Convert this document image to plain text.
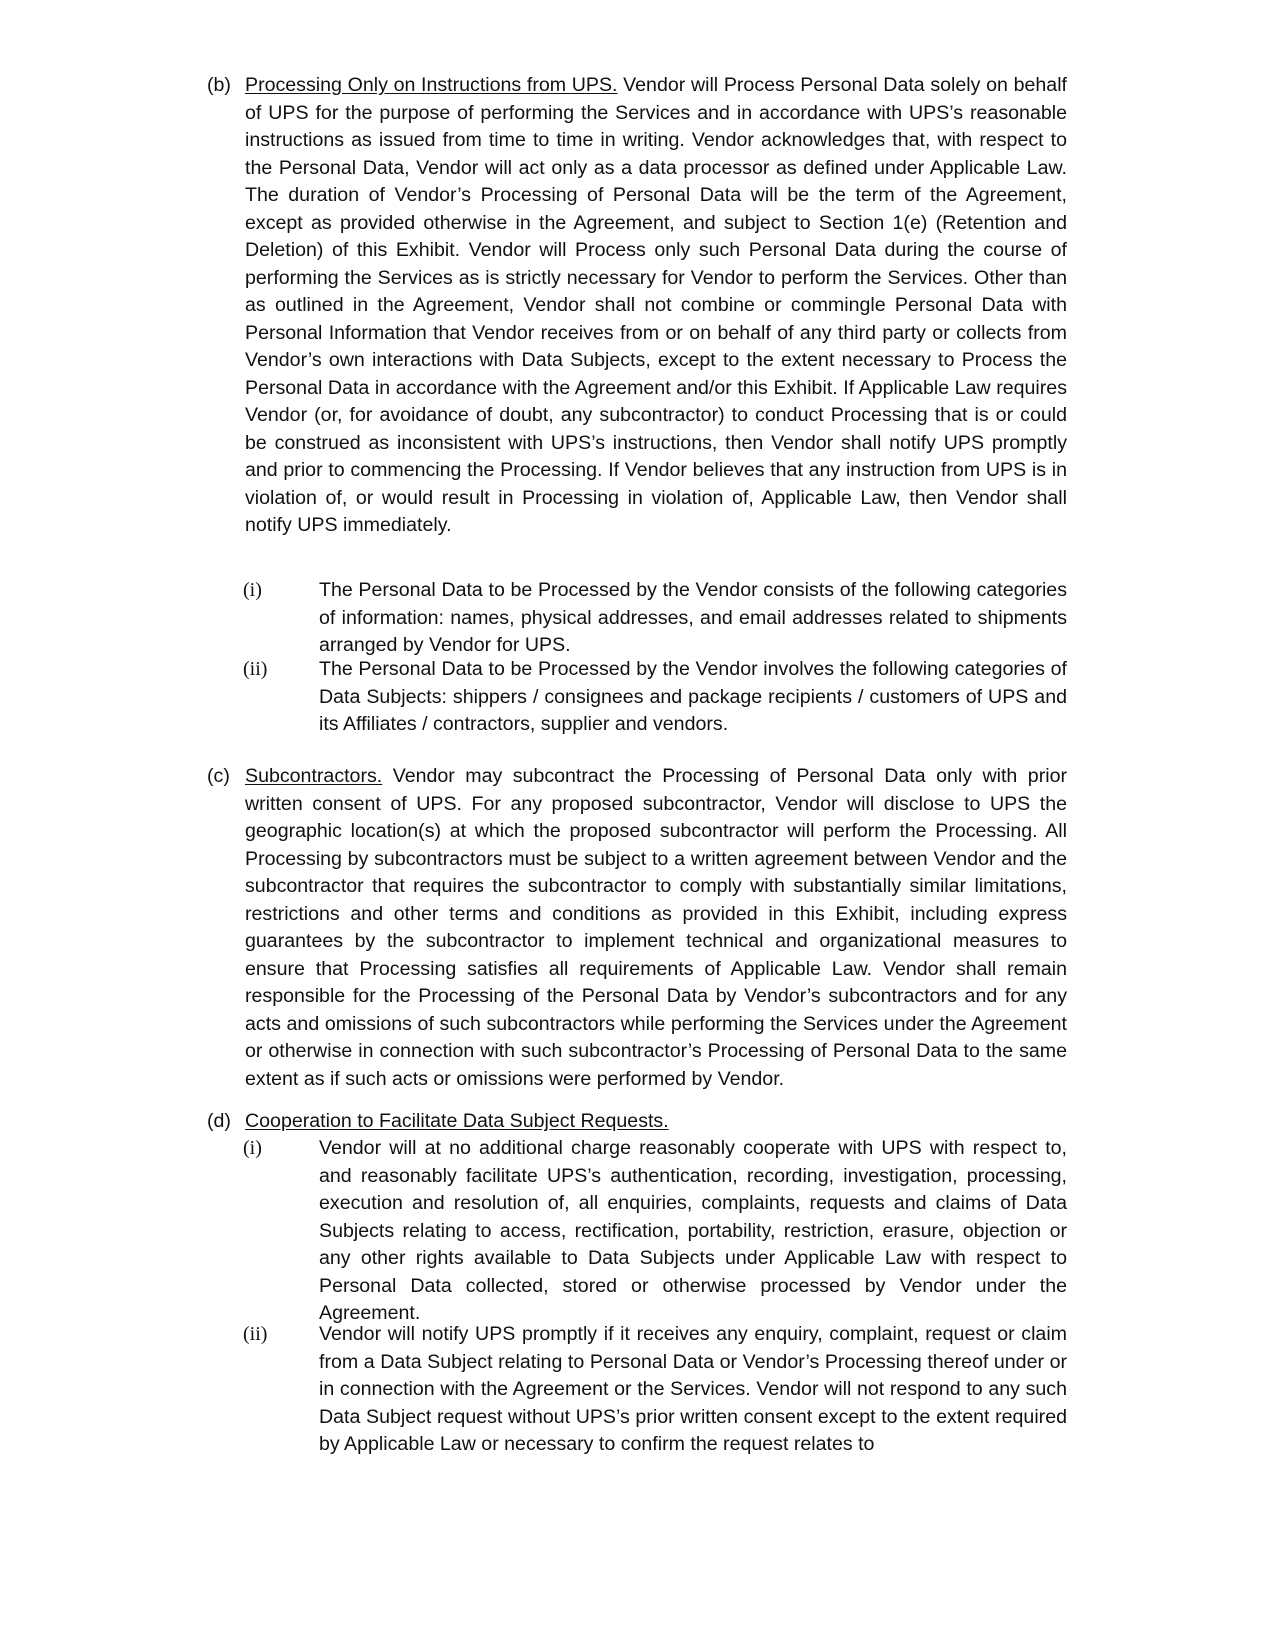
(b) Processing Only on Instructions from UPS. Vendor will Process Personal Data solely on behalf of UPS for the purpose of performing the Services and in accordance with UPS’s reasonable instructions as issued from time to time in writing. Vendor acknowledges that, with respect to the Personal Data, Vendor will act only as a data processor as defined under Applicable Law. The duration of Vendor’s Processing of Personal Data will be the term of the Agreement, except as provided otherwise in the Agreement, and subject to Section 1(e) (Retention and Deletion) of this Exhibit. Vendor will Process only such Personal Data during the course of performing the Services as is strictly necessary for Vendor to perform the Services. Other than as outlined in the Agreement, Vendor shall not combine or commingle Personal Data with Personal Information that Vendor receives from or on behalf of any third party or collects from Vendor’s own interactions with Data Subjects, except to the extent necessary to Process the Personal Data in accordance with the Agreement and/or this Exhibit. If Applicable Law requires Vendor (or, for avoidance of doubt, any subcontractor) to conduct Processing that is or could be construed as inconsistent with UPS’s instructions, then Vendor shall notify UPS promptly and prior to commencing the Processing. If Vendor believes that any instruction from UPS is in violation of, or would result in Processing in violation of, Applicable Law, then Vendor shall notify UPS immediately.

(i)	The Personal Data to be Processed by the Vendor consists of the following categories of information: names, physical addresses, and email addresses related to shipments arranged by Vendor for UPS.

(ii)	The Personal Data to be Processed by the Vendor involves the following categories of Data Subjects: shippers / consignees and package recipients / customers of UPS and its Affiliates / contractors, supplier and vendors.

(c) Subcontractors. Vendor may subcontract the Processing of Personal Data only with prior written consent of UPS. For any proposed subcontractor, Vendor will disclose to UPS the geographic location(s) at which the proposed subcontractor will perform the Processing. All Processing by subcontractors must be subject to a written agreement between Vendor and the subcontractor that requires the subcontractor to comply with substantially similar limitations, restrictions and other terms and conditions as provided in this Exhibit, including express guarantees by the subcontractor to implement technical and organizational measures to ensure that Processing satisfies all requirements of Applicable Law. Vendor shall remain responsible for the Processing of the Personal Data by Vendor’s subcontractors and for any acts and omissions of such subcontractors while performing the Services under the Agreement or otherwise in connection with such subcontractor’s Processing of Personal Data to the same extent as if such acts or omissions were performed by Vendor.

(d) Cooperation to Facilitate Data Subject Requests.

(i)	Vendor will at no additional charge reasonably cooperate with UPS with respect to, and reasonably facilitate UPS’s authentication, recording, investigation, processing, execution and resolution of, all enquiries, complaints, requests and claims of Data Subjects relating to access, rectification, portability, restriction, erasure, objection or any other rights available to Data Subjects under Applicable Law with respect to Personal Data collected, stored or otherwise processed by Vendor under the Agreement.

(ii)	Vendor will notify UPS promptly if it receives any enquiry, complaint, request or claim from a Data Subject relating to Personal Data or Vendor’s Processing thereof under or in connection with the Agreement or the Services. Vendor will not respond to any such Data Subject request without UPS’s prior written consent except to the extent required by Applicable Law or necessary to confirm the request relates to
